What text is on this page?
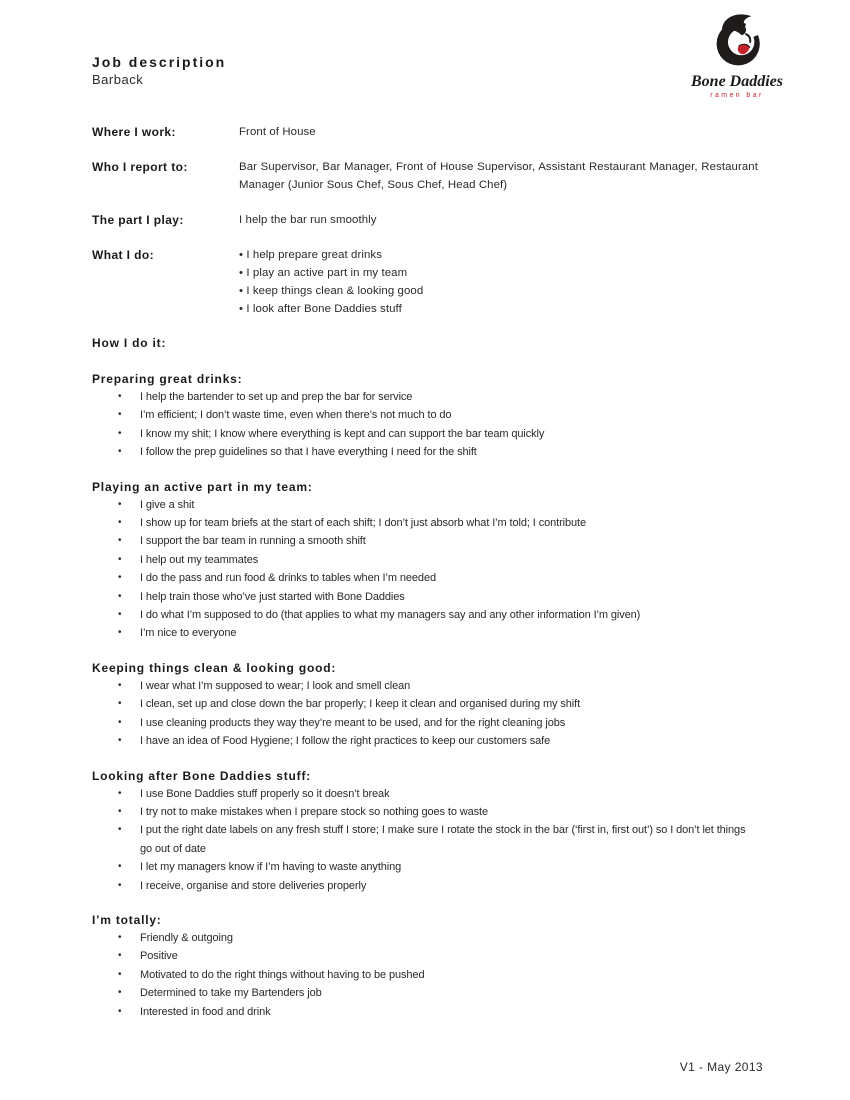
Job description
Barback	Bone Daddies
ramen bar
Where I work:	Front of House
Who I report to:	Bar Supervisor, Bar Manager, Front of House Supervisor, Assistant Restaurant Manager, Restaurant Manager (Junior Sous Chef, Sous Chef, Head Chef)
The part I play:	I help the bar run smoothly
What I do:	• I help prepare great drinks
• I play an active part in my team
• I keep things clean & looking good
• I look after Bone Daddies stuff
How I do it:
Preparing great drinks:
• I help the bartender to set up and prep the bar for service
• I’m efficient; I don’t waste time, even when there’s not much to do
• I know my shit; I know where everything is kept and can support the bar team quickly
• I follow the prep guidelines so that I have everything I need for the shift
Playing an active part in my team:
• I give a shit
• I show up for team briefs at the start of each shift; I don’t just absorb what I’m told; I contribute
• I support the bar team in running a smooth shift
• I help out my teammates
• I do the pass and run food & drinks to tables when I’m needed
• I help train those who’ve just started with Bone Daddies
• I do what I’m supposed to do (that applies to what my managers say and any other information I’m given)
• I’m nice to everyone
Keeping things clean & looking good:
• I wear what I’m supposed to wear; I look and smell clean
• I clean, set up and close down the bar properly; I keep it clean and organised during my shift
• I use cleaning products they way they’re meant to be used, and for the right cleaning jobs
• I have an idea of Food Hygiene; I follow the right practices to keep our customers safe
Looking after Bone Daddies stuff:
• I use Bone Daddies stuff properly so it doesn’t break
• I try not to make mistakes when I prepare stock so nothing goes to waste
• I put the right date labels on any fresh stuff I store; I make sure I rotate the stock in the bar (‘first in, first out’) so I don’t let things go out of date
• I let my managers know if I’m having to waste anything
• I receive, organise and store deliveries properly
I’m totally:
• Friendly & outgoing
• Positive
• Motivated to do the right things without having to be pushed
• Determined to take my Bartenders job
• Interested in food and drink
V1 - May 2013
